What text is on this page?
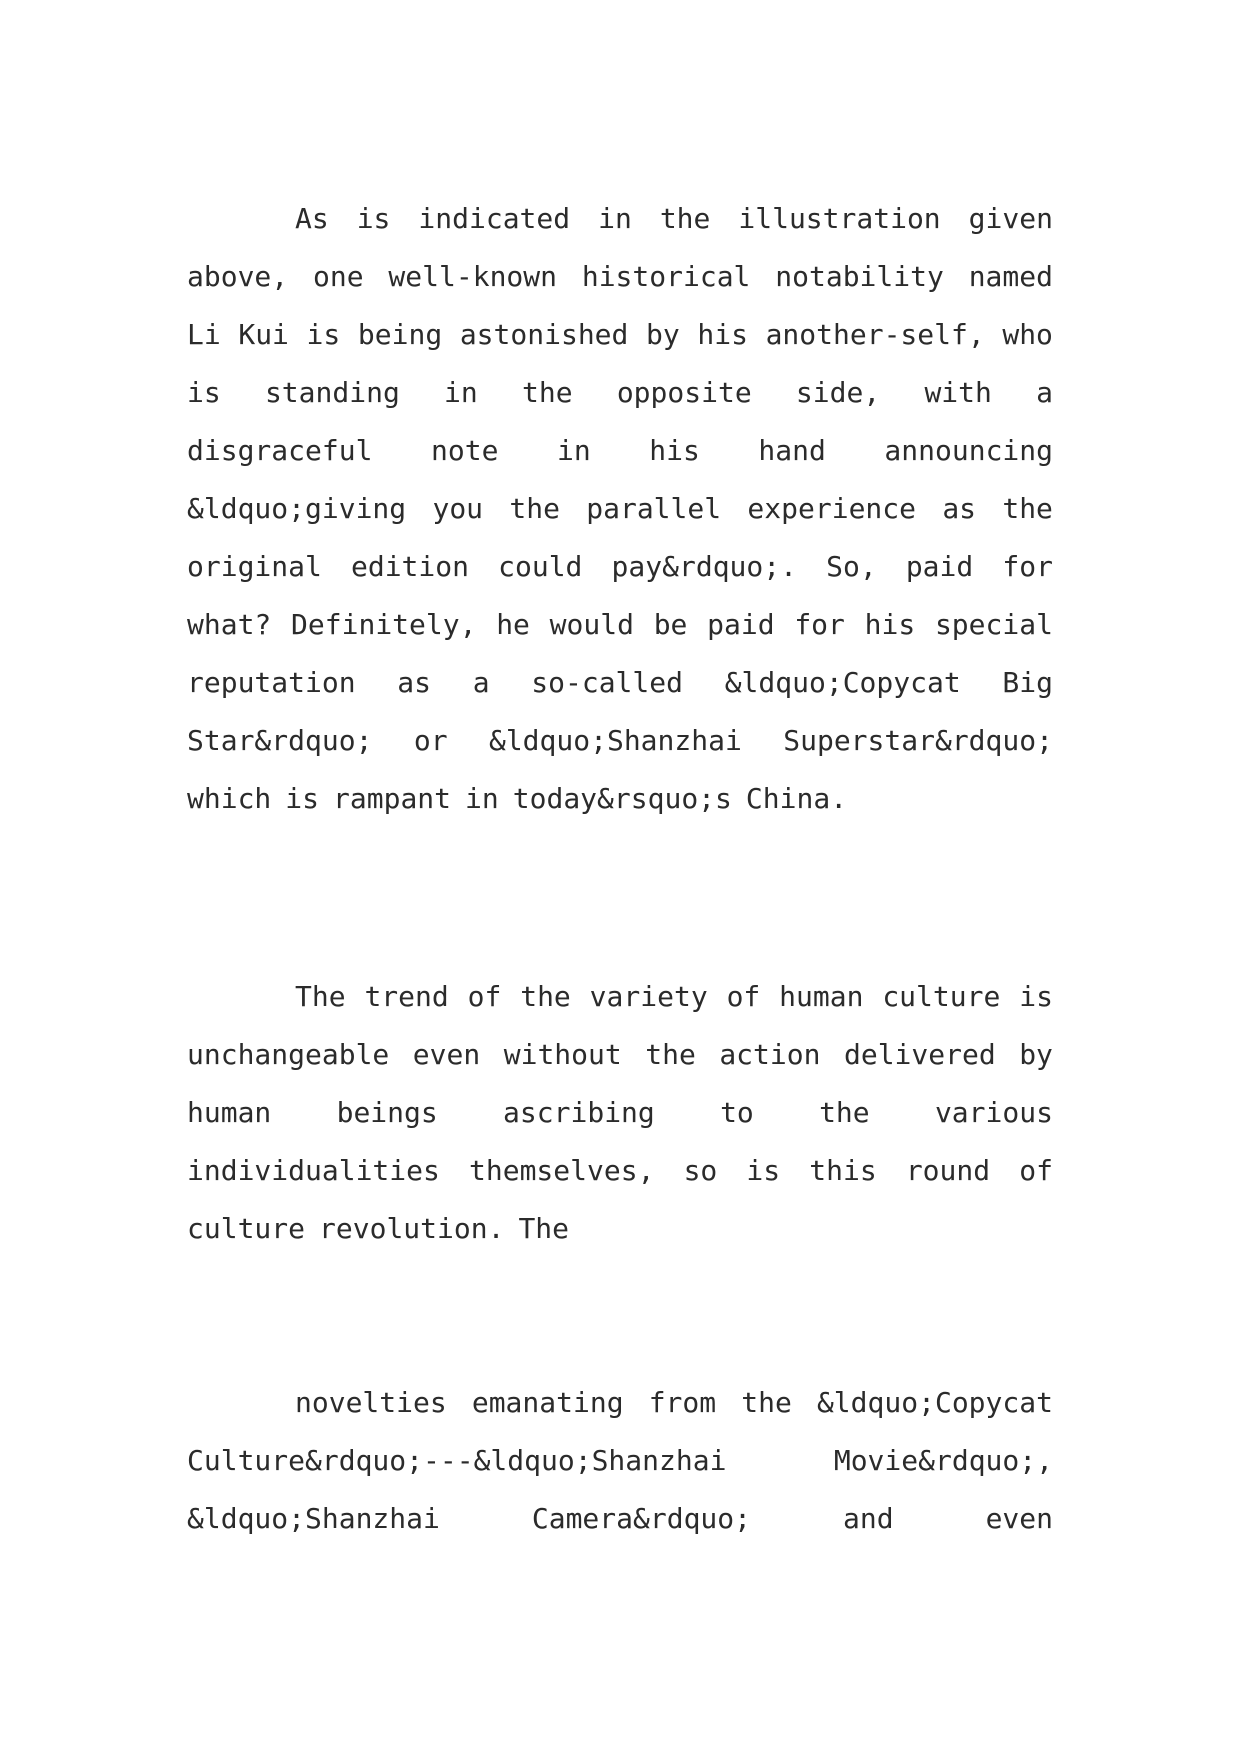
As is indicated in the illustration given
above, one well-known historical notability named
Li Kui is being astonished by his another-self, who
is standing in the opposite side, with a
disgraceful note in his hand announcing
&ldquo;giving you the parallel experience as the
original edition could pay&rdquo;. So, paid for
what? Definitely, he would be paid for his special
reputation as a so-called &ldquo;Copycat Big
Star&rdquo; or &ldquo;Shanzhai Superstar&rdquo;
which is rampant in today&rsquo;s China.
The trend of the variety of human culture is
unchangeable even without the action delivered by
human beings ascribing to the various
individualities themselves, so is this round of
culture revolution. The
novelties emanating from the &ldquo;Copycat
Culture&rdquo;---&ldquo;Shanzhai	Movie&rdquo;,
&ldquo;Shanzhai	Camera&rdquo;	and	even
